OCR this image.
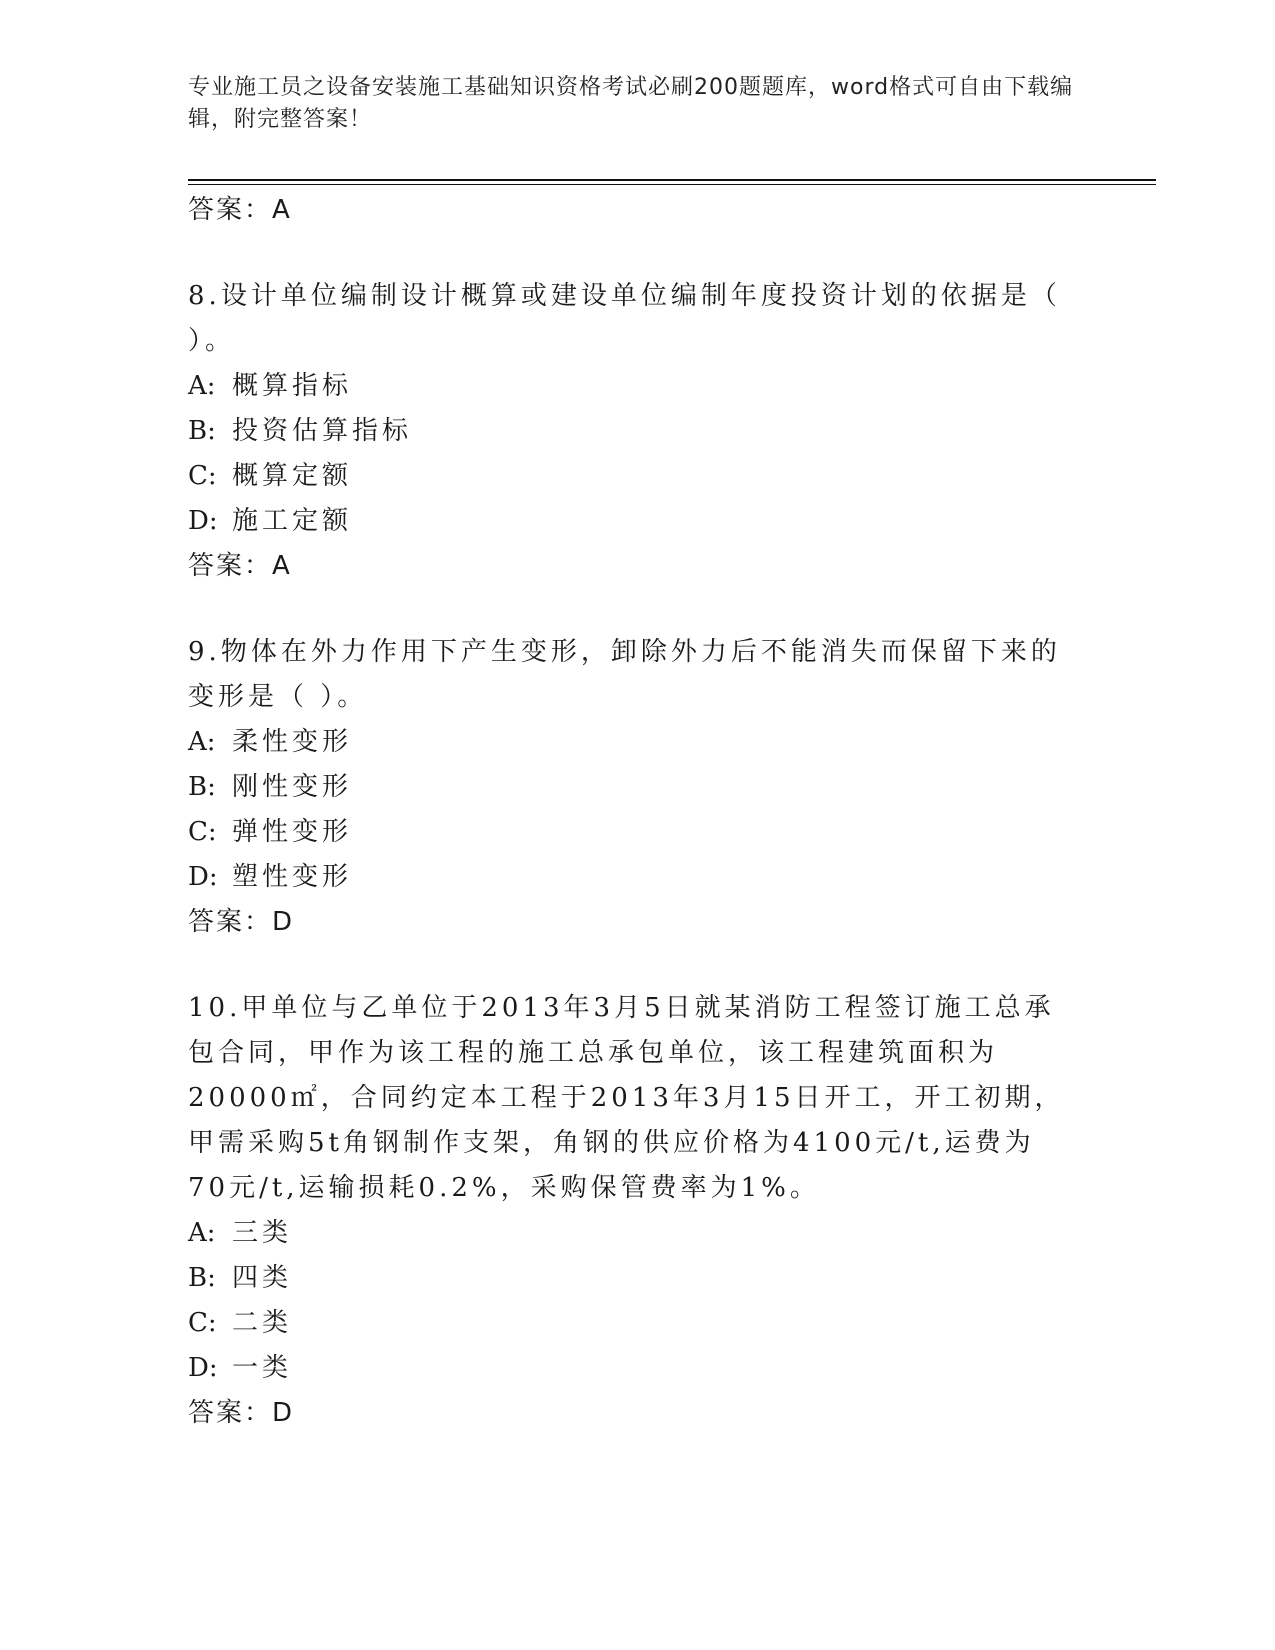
专业施工员之设备安装施工基础知识资格考试必刷200题题库，word格式可自由下载编辑，附完整答案！
答案：A
8.设计单位编制设计概算或建设单位编制年度投资计划的依据是（ ）。
A: 概算指标
B: 投资估算指标
C: 概算定额
D: 施工定额
答案：A
9.物体在外力作用下产生变形，卸除外力后不能消失而保留下来的变形是（ ）。
A: 柔性变形
B: 刚性变形
C: 弹性变形
D: 塑性变形
答案：D
10.甲单位与乙单位于2013年3月5日就某消防工程签订施工总承包合同，甲作为该工程的施工总承包单位，该工程建筑面积为20000㎡，合同约定本工程于2013年3月15日开工，开工初期，甲需采购5t角钢制作支架，角钢的供应价格为4100元/t,运费为70元/t,运输损耗0.2%，采购保管费率为1%。
A: 三类
B: 四类
C: 二类
D: 一类
答案：D
